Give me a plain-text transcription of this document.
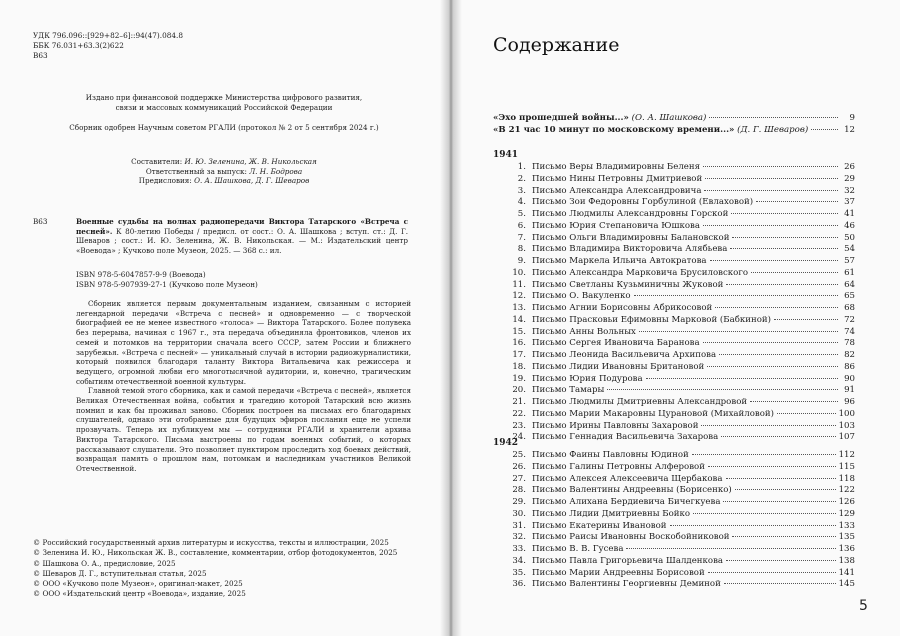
УДК 796.096::[929+82–6]::94(47).084.8
ББК 76.031+63.3(2)622
В63
Издано при финансовой поддержке Министерства цифрового развития,
связи и массовых коммуникаций Российской Федерации
Сборник одобрен Научным советом РГАЛИ (протокол № 2 от 5 сентября 2024 г.)
Составители: И. Ю. Зеленина, Ж. В. Никольская
Ответственный за выпуск: Л. Н. Бодрова
Предисловия: О. А. Шашкова, Д. Г. Шеваров
В63	Военные судьбы на волнах радиопередачи Виктора Татарского «Встреча с песней». К 80-летию Победы / предисл. от сост.: О. А. Шашкова ; вступ. ст.: Д. Г. Шеваров ; сост.: И. Ю. Зеленина, Ж. В. Никольская. — М.: Издательский центр «Воевода» ; Кучково поле Музеон, 2025. — 368 с.: ил.
ISBN 978-5-6047857-9-9 (Воевода)
ISBN 978-5-907939-27-1 (Кучково поле Музеон)

Сборник является первым документальным изданием, связанным с историей легендарной передачи «Встреча с песней» и одновременно — с творческой биографией ее не менее известного «голоса» — Виктора Татарского. Более полувека без перерыва, начиная с 1967 г., эта передача объединяла фронтовиков, членов их семей и потомков на территории сначала всего СССР, затем России и ближнего зарубежья. «Встреча с песней» — уникальный случай в истории радиожурналистики, который появился благодаря таланту Виктора Витальевича как режиссера и ведущего, огромной любви его многотысячной аудитории, и, конечно, трагическим событиям отечественной военной культуры.

Главной темой этого сборника, как и самой передачи «Встреча с песней», является Великая Отечественная война, события и трагедию которой Татарский всю жизнь помнил и как бы проживал заново. Сборник построен на письмах его благодарных слушателей, однако эти отобранные для будущих эфиров послания еще не успели прозвучать. Теперь их публикуем мы — сотрудники РГАЛИ и хранители архива Виктора Татарского. Письма выстроены по годам военных событий, о которых рассказывают слушатели. Это позволяет пунктиром проследить ход боевых действий, возвращая память о прошлом нам, потомкам и наследникам участников Великой Отечественной.

© Российский государственный архив литературы и искусства, тексты и иллюстрации, 2025
© Зеленина И. Ю., Никольская Ж. В., составление, комментарии, отбор фотодокументов, 2025
© Шашкова О. А., предисловие, 2025
© Шеваров Д. Г., вступительная статья, 2025
© ООО «Кучково поле Музеон», оригинал-макет, 2025
© ООО «Издательский центр «Воевода», издание, 2025
Содержание
«Эхо прошедшей войны...» (О. А. Шашкова)	9
«В 21 час 10 минут по московскому времени...» (Д. Г. Шеваров)	12
1941
1. Письмо Веры Владимировны Беленя	26
2. Письмо Нины Петровны Дмитриевой	29
3. Письмо Александра Александровича	32
4. Письмо Зои Федоровны Горбулиной (Евлаховой)	37
5. Письмо Людмилы Александровны Горской	41
6. Письмо Юрия Степановича Юшкова	46
7. Письмо Ольги Владимировны Балановской	50
8. Письмо Владимира Викторовича Алябьева	54
9. Письмо Маркела Ильича Автократова	57
10. Письмо Александра Марковича Брусиловского	61
11. Письмо Светланы Кузьминичны Жуковой	64
12. Письмо О. Вакуленко	65
13. Письмо Агнии Борисовны Абрикосовой	68
14. Письмо Прасковьи Ефимовны Марковой (Бабкиной)	72
15. Письмо Анны Вольных	74
16. Письмо Сергея Ивановича Баранова	78
17. Письмо Леонида Васильевича Архипова	82
18. Письмо Лидии Ивановны Британовой	86
19. Письмо Юрия Подурова	90
20. Письмо Тамары	91
21. Письмо Людмилы Дмитриевны Александровой	96
22. Письмо Марии Макаровны Цурановой (Михайловой)	100
23. Письмо Ирины Павловны Захаровой	103
24. Письмо Геннадия Васильевича Захарова	107
1942
25. Письмо Фаины Павловны Юдиной	112
26. Письмо Галины Петровны Алферовой	115
27. Письмо Алексея Алексеевича Щербакова	118
28. Письмо Валентины Андреевны (Борисенко)	122
29. Письмо Алихана Бердиевича Бичегкуева	126
30. Письмо Лидии Дмитриевны Бойко	129
31. Письмо Екатерины Ивановой	133
32. Письмо Раисы Ивановны Воскобойниковой	135
33. Письмо В. В. Гусева	136
34. Письмо Павла Григорьевича Шалденкова	138
35. Письмо Марии Андреевны Борисовой	141
36. Письмо Валентины Георгиевны Деминой	145
5
